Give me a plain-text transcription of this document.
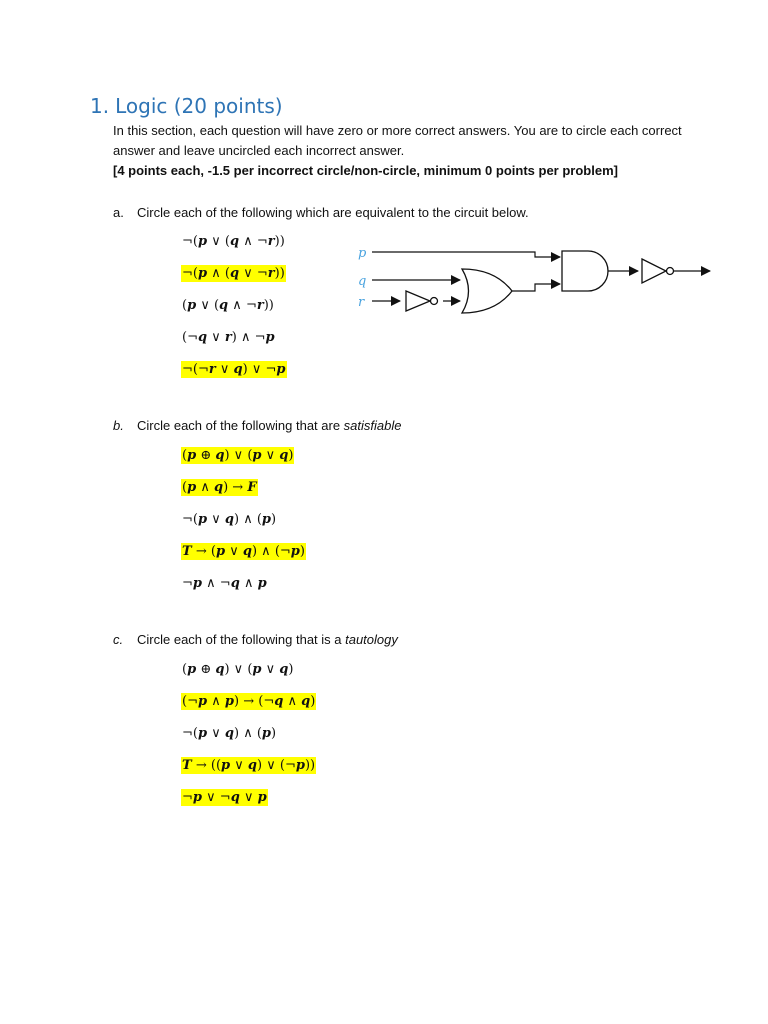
1. Logic (20 points)
In this section, each question will have zero or more correct answers. You are to circle each correct answer and leave uncircled each incorrect answer.
[4 points each, -1.5 per incorrect circle/non-circle, minimum 0 points per problem]
a. Circle each of the following which are equivalent to the circuit below.
¬(p ∨ (q ∧ ¬r))
¬(p ∧ (q ∨ ¬r))
(p ∨ (q ∧ ¬r))
(¬q ∨ r) ∧ ¬p
¬(¬r ∨ q) ∨ ¬p
b. Circle each of the following that are satisfiable
(p ⊕ q) ∨ (p ∨ q)
(p ∧ q) → F
¬(p ∨ q) ∧ (p)
T → (p ∨ q) ∧ (¬p)
¬p ∧ ¬q ∧ p
c. Circle each of the following that is a tautology
(p ⊕ q) ∨ (p ∨ q)
(¬p ∧ p) → (¬q ∧ q)
¬(p ∨ q) ∧ (p)
T → ((p ∨ q) ∨ (¬p))
¬p ∨ ¬q ∨ p
p
q
r
